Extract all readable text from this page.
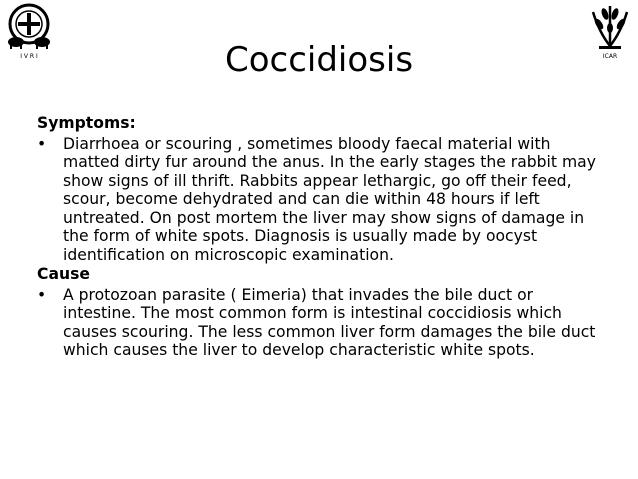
I V R I	ICAR
Coccidiosis
Symptoms:
•	Diarrhoea or scouring , sometimes bloody faecal material with
matted dirty fur around the anus. In the early stages the rabbit may
show signs of ill thrift. Rabbits appear lethargic, go off their feed,
scour, become dehydrated and can die within 48 hours if left
untreated. On post mortem the liver may show signs of damage in
the form of white spots. Diagnosis is usually made by oocyst
identification on microscopic examination.
Cause
•	A protozoan parasite ( Eimeria) that invades the bile duct or
intestine. The most common form is intestinal coccidiosis which
causes scouring. The less common liver form damages the bile duct
which causes the liver to develop characteristic white spots.
